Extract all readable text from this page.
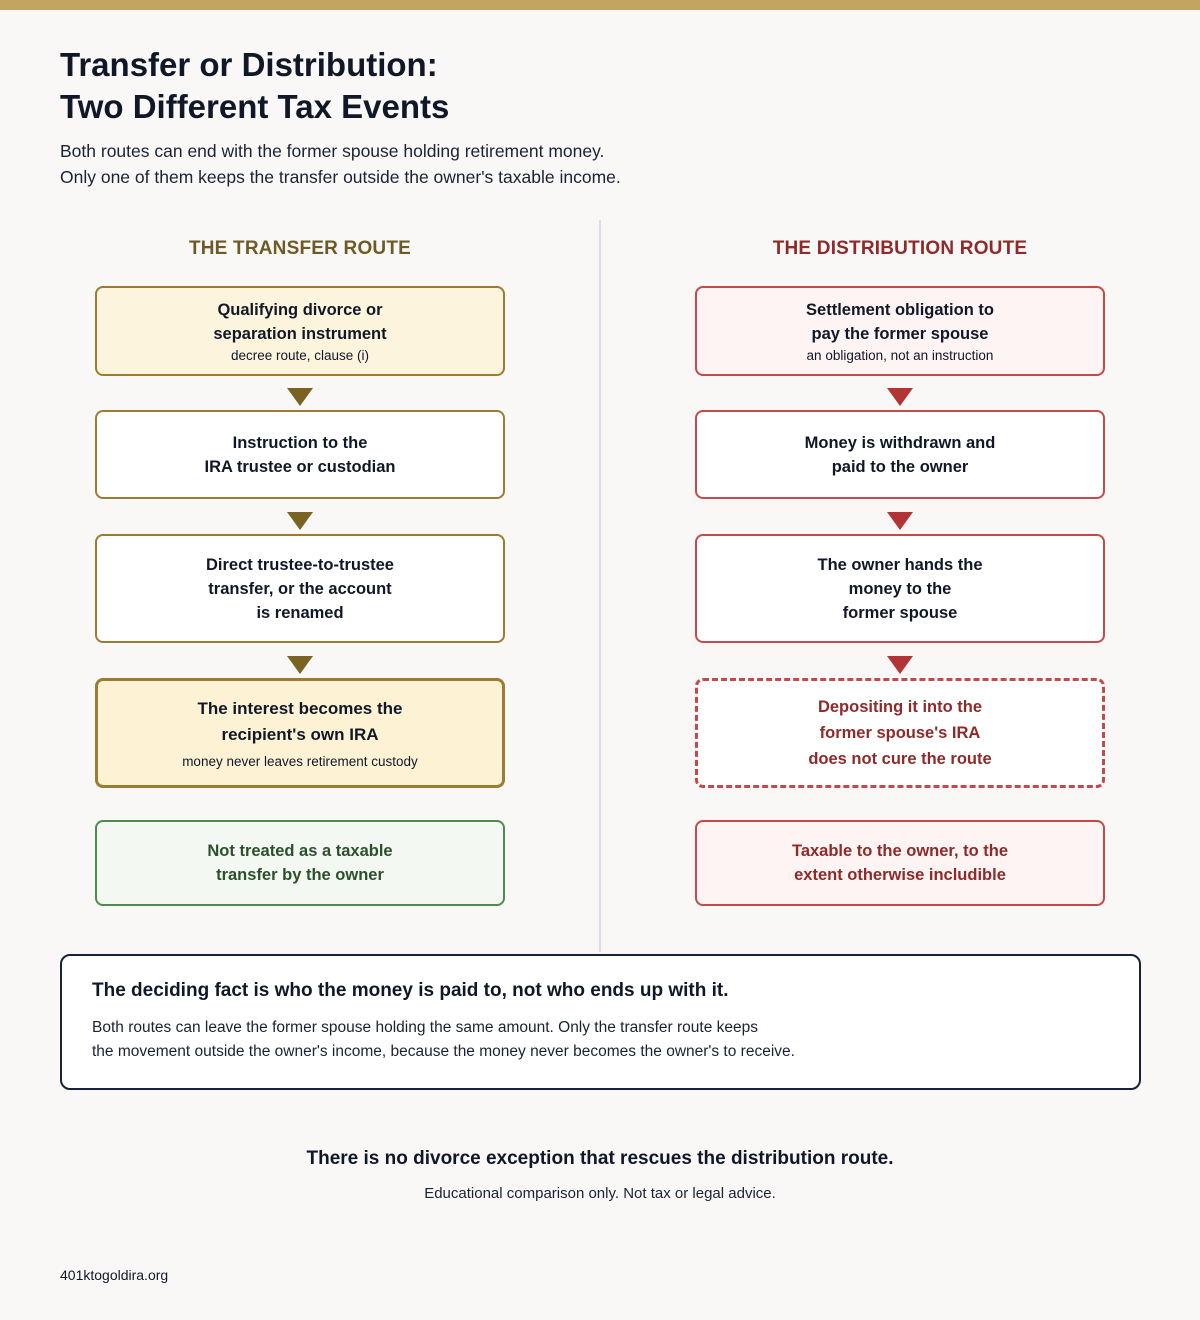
Transfer or Distribution:
Two Different Tax Events
Both routes can end with the former spouse holding retirement money.
Only one of them keeps the transfer outside the owner's taxable income.
THE TRANSFER ROUTE
Qualifying divorce or
separation instrument
decree route, clause (i)
Instruction to the
IRA trustee or custodian
Direct trustee-to-trustee
transfer, or the account
is renamed
The interest becomes the
recipient's own IRA
money never leaves retirement custody
Not treated as a taxable
transfer by the owner
THE DISTRIBUTION ROUTE
Settlement obligation to
pay the former spouse
an obligation, not an instruction
Money is withdrawn and
paid to the owner
The owner hands the
money to the
former spouse
Depositing it into the
former spouse's IRA
does not cure the route
Taxable to the owner, to the
extent otherwise includible
The deciding fact is who the money is paid to, not who ends up with it.
Both routes can leave the former spouse holding the same amount. Only the transfer route keeps
the movement outside the owner's income, because the money never becomes the owner's to receive.
There is no divorce exception that rescues the distribution route.
Educational comparison only. Not tax or legal advice.
401ktogoldira.org
